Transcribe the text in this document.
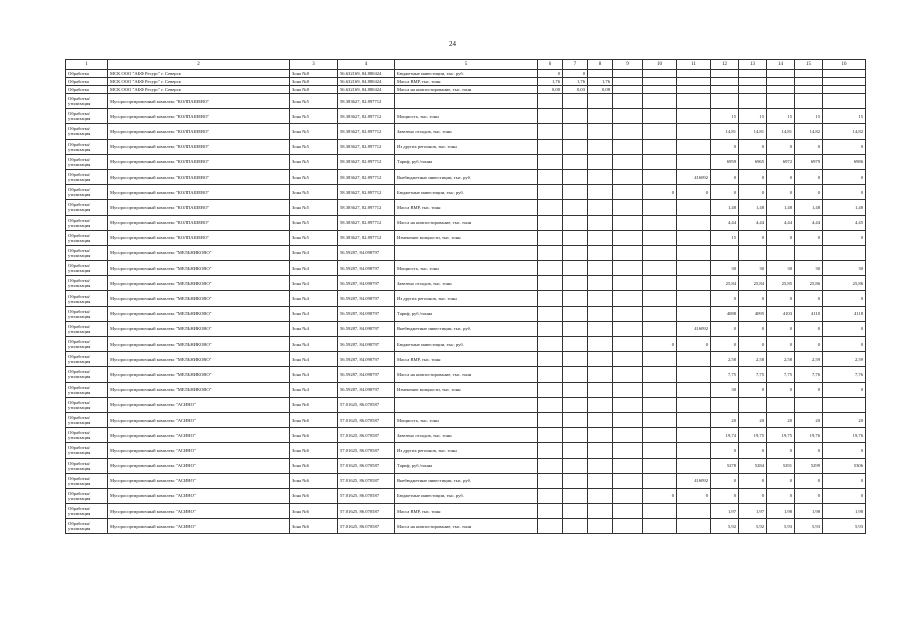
24
1	2	3	4	5	6	7	8	9	10	11	12	13	14	15	16
Обработка	МСК ООО "АБФ Ресурс" г. Северск	Зона №8	56.632169, 84.880424	Бюджетные инвестиции, тыс. руб.	0	0									
Обработка	МСК ООО "АБФ Ресурс" г. Северск	Зона №8	56.632169, 84.880424	Масса ВМР, тыс. тонн	1,76	1,76	1,76								
Обработка	МСК ООО "АБФ Ресурс" г. Северск	Зона №8	56.632169, 84.880424	Масса на компостирование, тыс. тонн	0,00	0,03	0,08								
Обработка/ утилизация	Мусоросортировочный комплекс "КОЛПАШЕВО"	Зона №5	58.383627, 82.897712												
Обработка/ утилизация	Мусоросортировочный комплекс "КОЛПАШЕВО"	Зона №5	58.383627, 82.897712	Мощность, тыс. тонн							15	15	15	15	15
Обработка/ утилизация	Мусоросортировочный комплекс "КОЛПАШЕВО"	Зона №5	58.383627, 82.897712	Завезено отходов, тыс. тонн							14,81	14,81	14,81	14,82	14,82
Обработка/ утилизация	Мусоросортировочный комплекс "КОЛПАШЕВО"	Зона №5	58.383627, 82.897712	Из других регионов, тыс. тонн							0	0	0	0	0
Обработка/ утилизация	Мусоросортировочный комплекс "КОЛПАШЕВО"	Зона №5	58.383627, 82.897712	Тариф, руб./тонна							6959	6965	6972	6979	6986
Обработка/ утилизация	Мусоросортировочный комплекс "КОЛПАШЕВО"	Зона №5	58.383627, 82.897712	Внебюджетные инвестиции, тыс. руб.						416092	0	0	0	0	0
Обработка/ утилизация	Мусоросортировочный комплекс "КОЛПАШЕВО"	Зона №5	58.383627, 82.897712	Бюджетные инвестиции, тыс. руб.					0	0	0	0	0	0	0
Обработка/ утилизация	Мусоросортировочный комплекс "КОЛПАШЕВО"	Зона №5	58.383627, 82.897712	Масса ВМР, тыс. тонн							1,48	1,48	1,48	1,48	1,48
Обработка/ утилизация	Мусоросортировочный комплекс "КОЛПАШЕВО"	Зона №5	58.383627, 82.897712	Масса на компостирование, тыс. тонн							4,44	4,44	4,44	4,44	4,45
Обработка/ утилизация	Мусоросортировочный комплекс "КОЛПАШЕВО"	Зона №5	58.383627, 82.897712	Изменение мощности, тыс. тонн							15	0	0	0	0
Обработка/ утилизация	Мусоросортировочный комплекс "МЕЛЬНИКОВО"	Зона №4	56.59287, 84.098797												
Обработка/ утилизация	Мусоросортировочный комплекс "МЕЛЬНИКОВО"	Зона №4	56.59287, 84.098797	Мощность, тыс. тонн							30	30	30	30	30
Обработка/ утилизация	Мусоросортировочный комплекс "МЕЛЬНИКОВО"	Зона №4	56.59287, 84.098797	Завезено отходов, тыс. тонн							25,84	25,84	25,85	25,86	25,86
Обработка/ утилизация	Мусоросортировочный комплекс "МЕЛЬНИКОВО"	Зона №4	56.59287, 84.098797	Из других регионов, тыс. тонн							0	0	0	0	0
Обработка/ утилизация	Мусоросортировочный комплекс "МЕЛЬНИКОВО"	Зона №4	56.59287, 84.098797	Тариф, руб./тонна							4088	4095	4103	4110	4118
Обработка/ утилизация	Мусоросортировочный комплекс "МЕЛЬНИКОВО"	Зона №4	56.59287, 84.098797	Внебюджетные инвестиции, тыс. руб.						416092	0	0	0	0	0
Обработка/ утилизация	Мусоросортировочный комплекс "МЕЛЬНИКОВО"	Зона №4	56.59287, 84.098797	Бюджетные инвестиции, тыс. руб.					0	0	0	0	0	0	0
Обработка/ утилизация	Мусоросортировочный комплекс "МЕЛЬНИКОВО"	Зона №4	56.59287, 84.098797	Масса ВМР, тыс. тонн							2,58	2,58	2,58	2,59	2,59
Обработка/ утилизация	Мусоросортировочный комплекс "МЕЛЬНИКОВО"	Зона №4	56.59287, 84.098797	Масса на компостирование, тыс. тонн							7,75	7,75	7,75	7,76	7,76
Обработка/ утилизация	Мусоросортировочный комплекс "МЕЛЬНИКОВО"	Зона №4	56.59287, 84.098797	Изменение мощности, тыс. тонн							30	0	0	0	0
Обработка/ утилизация	Мусоросортировочный комплекс "АСИНО"	Зона №6	57.01625, 86.070587												
Обработка/ утилизация	Мусоросортировочный комплекс "АСИНО"	Зона №6	57.01625, 86.070587	Мощность, тыс. тонн							20	20	20	20	20
Обработка/ утилизация	Мусоросортировочный комплекс "АСИНО"	Зона №6	57.01625, 86.070587	Завезено отходов, тыс. тонн							19,74	19,75	19,75	19,76	19,76
Обработка/ утилизация	Мусоросортировочный комплекс "АСИНО"	Зона №6	57.01625, 86.070587	Из других регионов, тыс. тонн							0	0	0	0	0
Обработка/ утилизация	Мусоросортировочный комплекс "АСИНО"	Зона №6	57.01625, 86.070587	Тариф, руб./тонна							5278	5284	5291	5299	5306
Обработка/ утилизация	Мусоросортировочный комплекс "АСИНО"	Зона №6	57.01625, 86.070587	Внебюджетные инвестиции, тыс. руб.						416092	0	0	0	0	0
Обработка/ утилизация	Мусоросортировочный комплекс "АСИНО"	Зона №6	57.01625, 86.070587	Бюджетные инвестиции, тыс. руб.					0	0	0	0	0	0	0
Обработка/ утилизация	Мусоросортировочный комплекс "АСИНО"	Зона №6	57.01625, 86.070587	Масса ВМР, тыс. тонн							1,97	1,97	1,98	1,98	1,98
Обработка/ утилизация	Мусоросортировочный комплекс "АСИНО"	Зона №6	57.01625, 86.070587	Масса на компостирование, тыс. тонн							5,92	5,92	5,93	5,93	5,93
